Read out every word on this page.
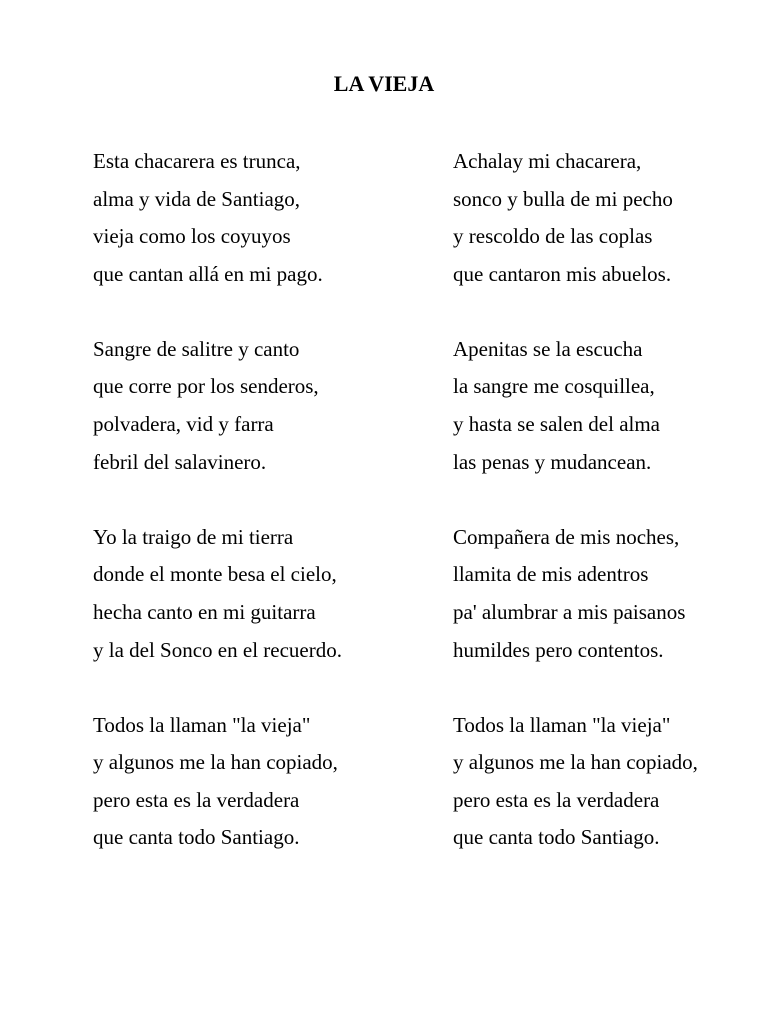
LA VIEJA
Esta chacarera es trunca,
alma y vida de Santiago,
vieja como los coyuyos
que cantan allá en mi pago.
Sangre de salitre y canto
que corre por los senderos,
polvadera, vid y farra
febril del salavinero.
Yo la traigo de mi tierra
donde el monte besa el cielo,
hecha canto en mi guitarra
y la del Sonco en el recuerdo.
Todos la llaman "la vieja"
y algunos me la han copiado,
pero esta es la verdadera
que canta todo Santiago.
Achalay mi chacarera,
sonco y bulla de mi pecho
y rescoldo de las coplas
que cantaron mis abuelos.
Apenitas se la escucha
la sangre me cosquillea,
y hasta se salen del alma
las penas y mudancean.
Compañera de mis noches,
llamita de mis adentros
pa' alumbrar a mis paisanos
humildes pero contentos.
Todos la llaman "la vieja"
y algunos me la han copiado,
pero esta es la verdadera
que canta todo Santiago.
